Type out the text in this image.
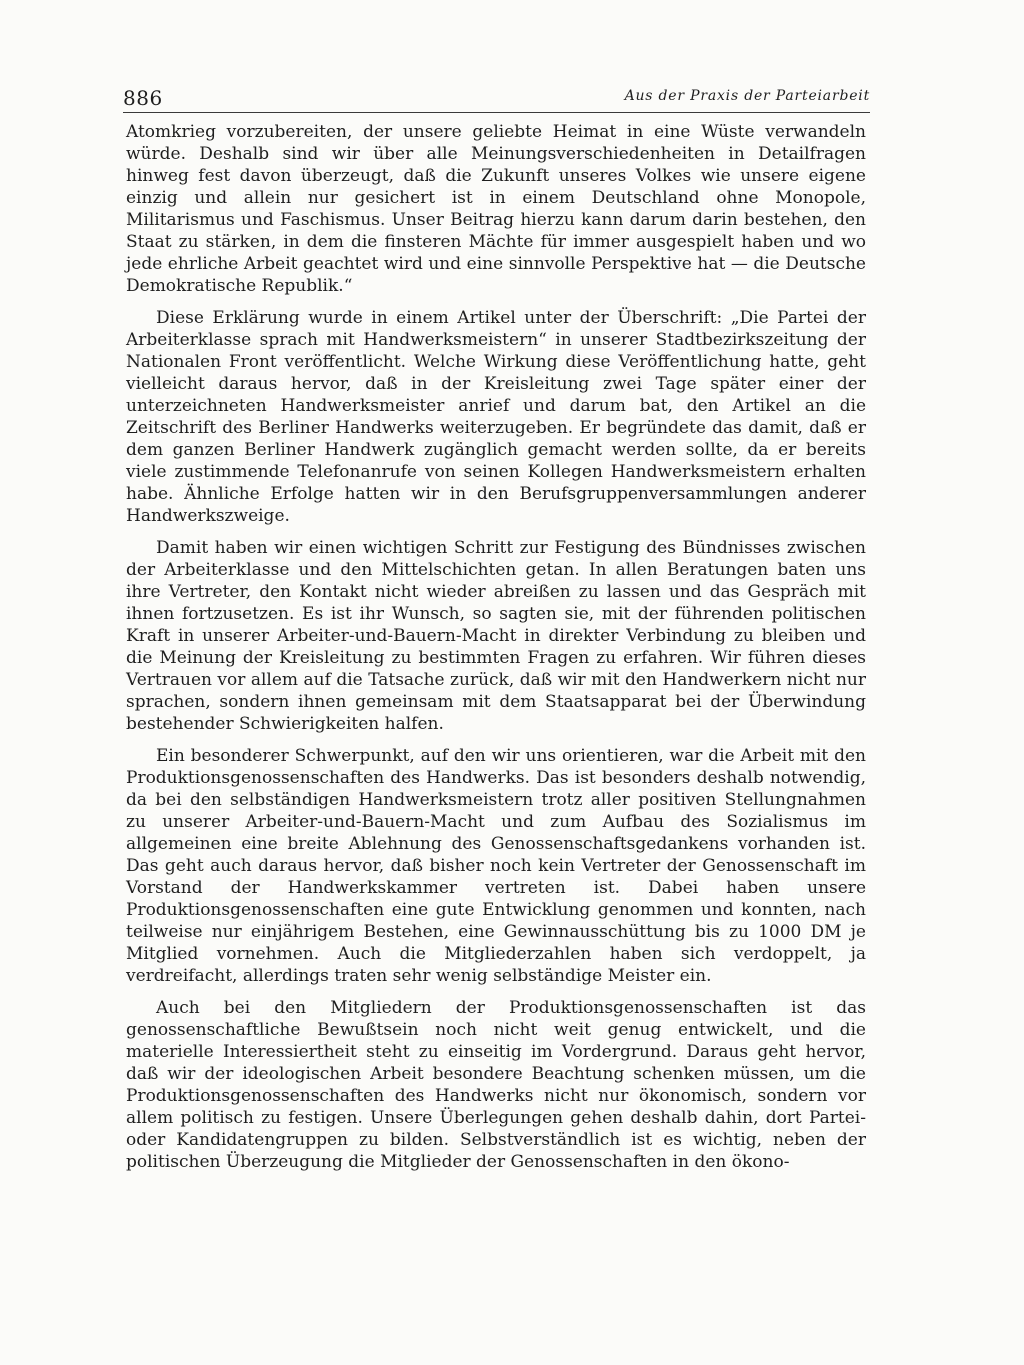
886	Aus der Praxis der Parteiarbeit

Atomkrieg vorzubereiten, der unsere geliebte Heimat in eine Wüste verwandeln würde. Deshalb sind wir über alle Meinungsverschiedenheiten in Detailfragen hinweg fest davon überzeugt, daß die Zukunft unseres Volkes wie unsere eigene einzig und allein nur gesichert ist in einem Deutschland ohne Monopole, Militarismus und Faschismus. Unser Beitrag hierzu kann darum darin bestehen, den Staat zu stärken, in dem die finsteren Mächte für immer ausgespielt haben und wo jede ehrliche Arbeit geachtet wird und eine sinnvolle Perspektive hat — die Deutsche Demokratische Republik.“

Diese Erklärung wurde in einem Artikel unter der Überschrift: „Die Partei der Arbeiterklasse sprach mit Handwerksmeistern“ in unserer Stadtbezirkszeitung der Nationalen Front veröffentlicht. Welche Wirkung diese Veröffentlichung hatte, geht vielleicht daraus hervor, daß in der Kreisleitung zwei Tage später einer der unterzeichneten Handwerksmeister anrief und darum bat, den Artikel an die Zeitschrift des Berliner Handwerks weiterzugeben. Er begründete das damit, daß er dem ganzen Berliner Handwerk zugänglich gemacht werden sollte, da er bereits viele zustimmende Telefonanrufe von seinen Kollegen Handwerksmeistern erhalten habe. Ähnliche Erfolge hatten wir in den Berufsgruppenversammlungen anderer Handwerkszweige.

Damit haben wir einen wichtigen Schritt zur Festigung des Bündnisses zwischen der Arbeiterklasse und den Mittelschichten getan. In allen Beratungen baten uns ihre Vertreter, den Kontakt nicht wieder abreißen zu lassen und das Gespräch mit ihnen fortzusetzen. Es ist ihr Wunsch, so sagten sie, mit der führenden politischen Kraft in unserer Arbeiter-und-Bauern-Macht in direkter Verbindung zu bleiben und die Meinung der Kreisleitung zu bestimmten Fragen zu erfahren. Wir führen dieses Vertrauen vor allem auf die Tatsache zurück, daß wir mit den Handwerkern nicht nur sprachen, sondern ihnen gemeinsam mit dem Staatsapparat bei der Überwindung bestehender Schwierigkeiten halfen.

Ein besonderer Schwerpunkt, auf den wir uns orientieren, war die Arbeit mit den Produktionsgenossenschaften des Handwerks. Das ist besonders deshalb notwendig, da bei den selbständigen Handwerksmeistern trotz aller positiven Stellungnahmen zu unserer Arbeiter-und-Bauern-Macht und zum Aufbau des Sozialismus im allgemeinen eine breite Ablehnung des Genossenschaftsgedankens vorhanden ist. Das geht auch daraus hervor, daß bisher noch kein Vertreter der Genossenschaft im Vorstand der Handwerkskammer vertreten ist. Dabei haben unsere Produktionsgenossenschaften eine gute Entwicklung genommen und konnten, nach teilweise nur einjährigem Bestehen, eine Gewinnausschüttung bis zu 1000 DM je Mitglied vornehmen. Auch die Mitgliederzahlen haben sich verdoppelt, ja verdreifacht, allerdings traten sehr wenig selbständige Meister ein.

Auch bei den Mitgliedern der Produktionsgenossenschaften ist das genossenschaftliche Bewußtsein noch nicht weit genug entwickelt, und die materielle Interessiertheit steht zu einseitig im Vordergrund. Daraus geht hervor, daß wir der ideologischen Arbeit besondere Beachtung schenken müssen, um die Produktionsgenossenschaften des Handwerks nicht nur ökonomisch, sondern vor allem politisch zu festigen. Unsere Überlegungen gehen deshalb dahin, dort Partei- oder Kandidatengruppen zu bilden. Selbstverständlich ist es wichtig, neben der politischen Überzeugung die Mitglieder der Genossenschaften in den ökono-
